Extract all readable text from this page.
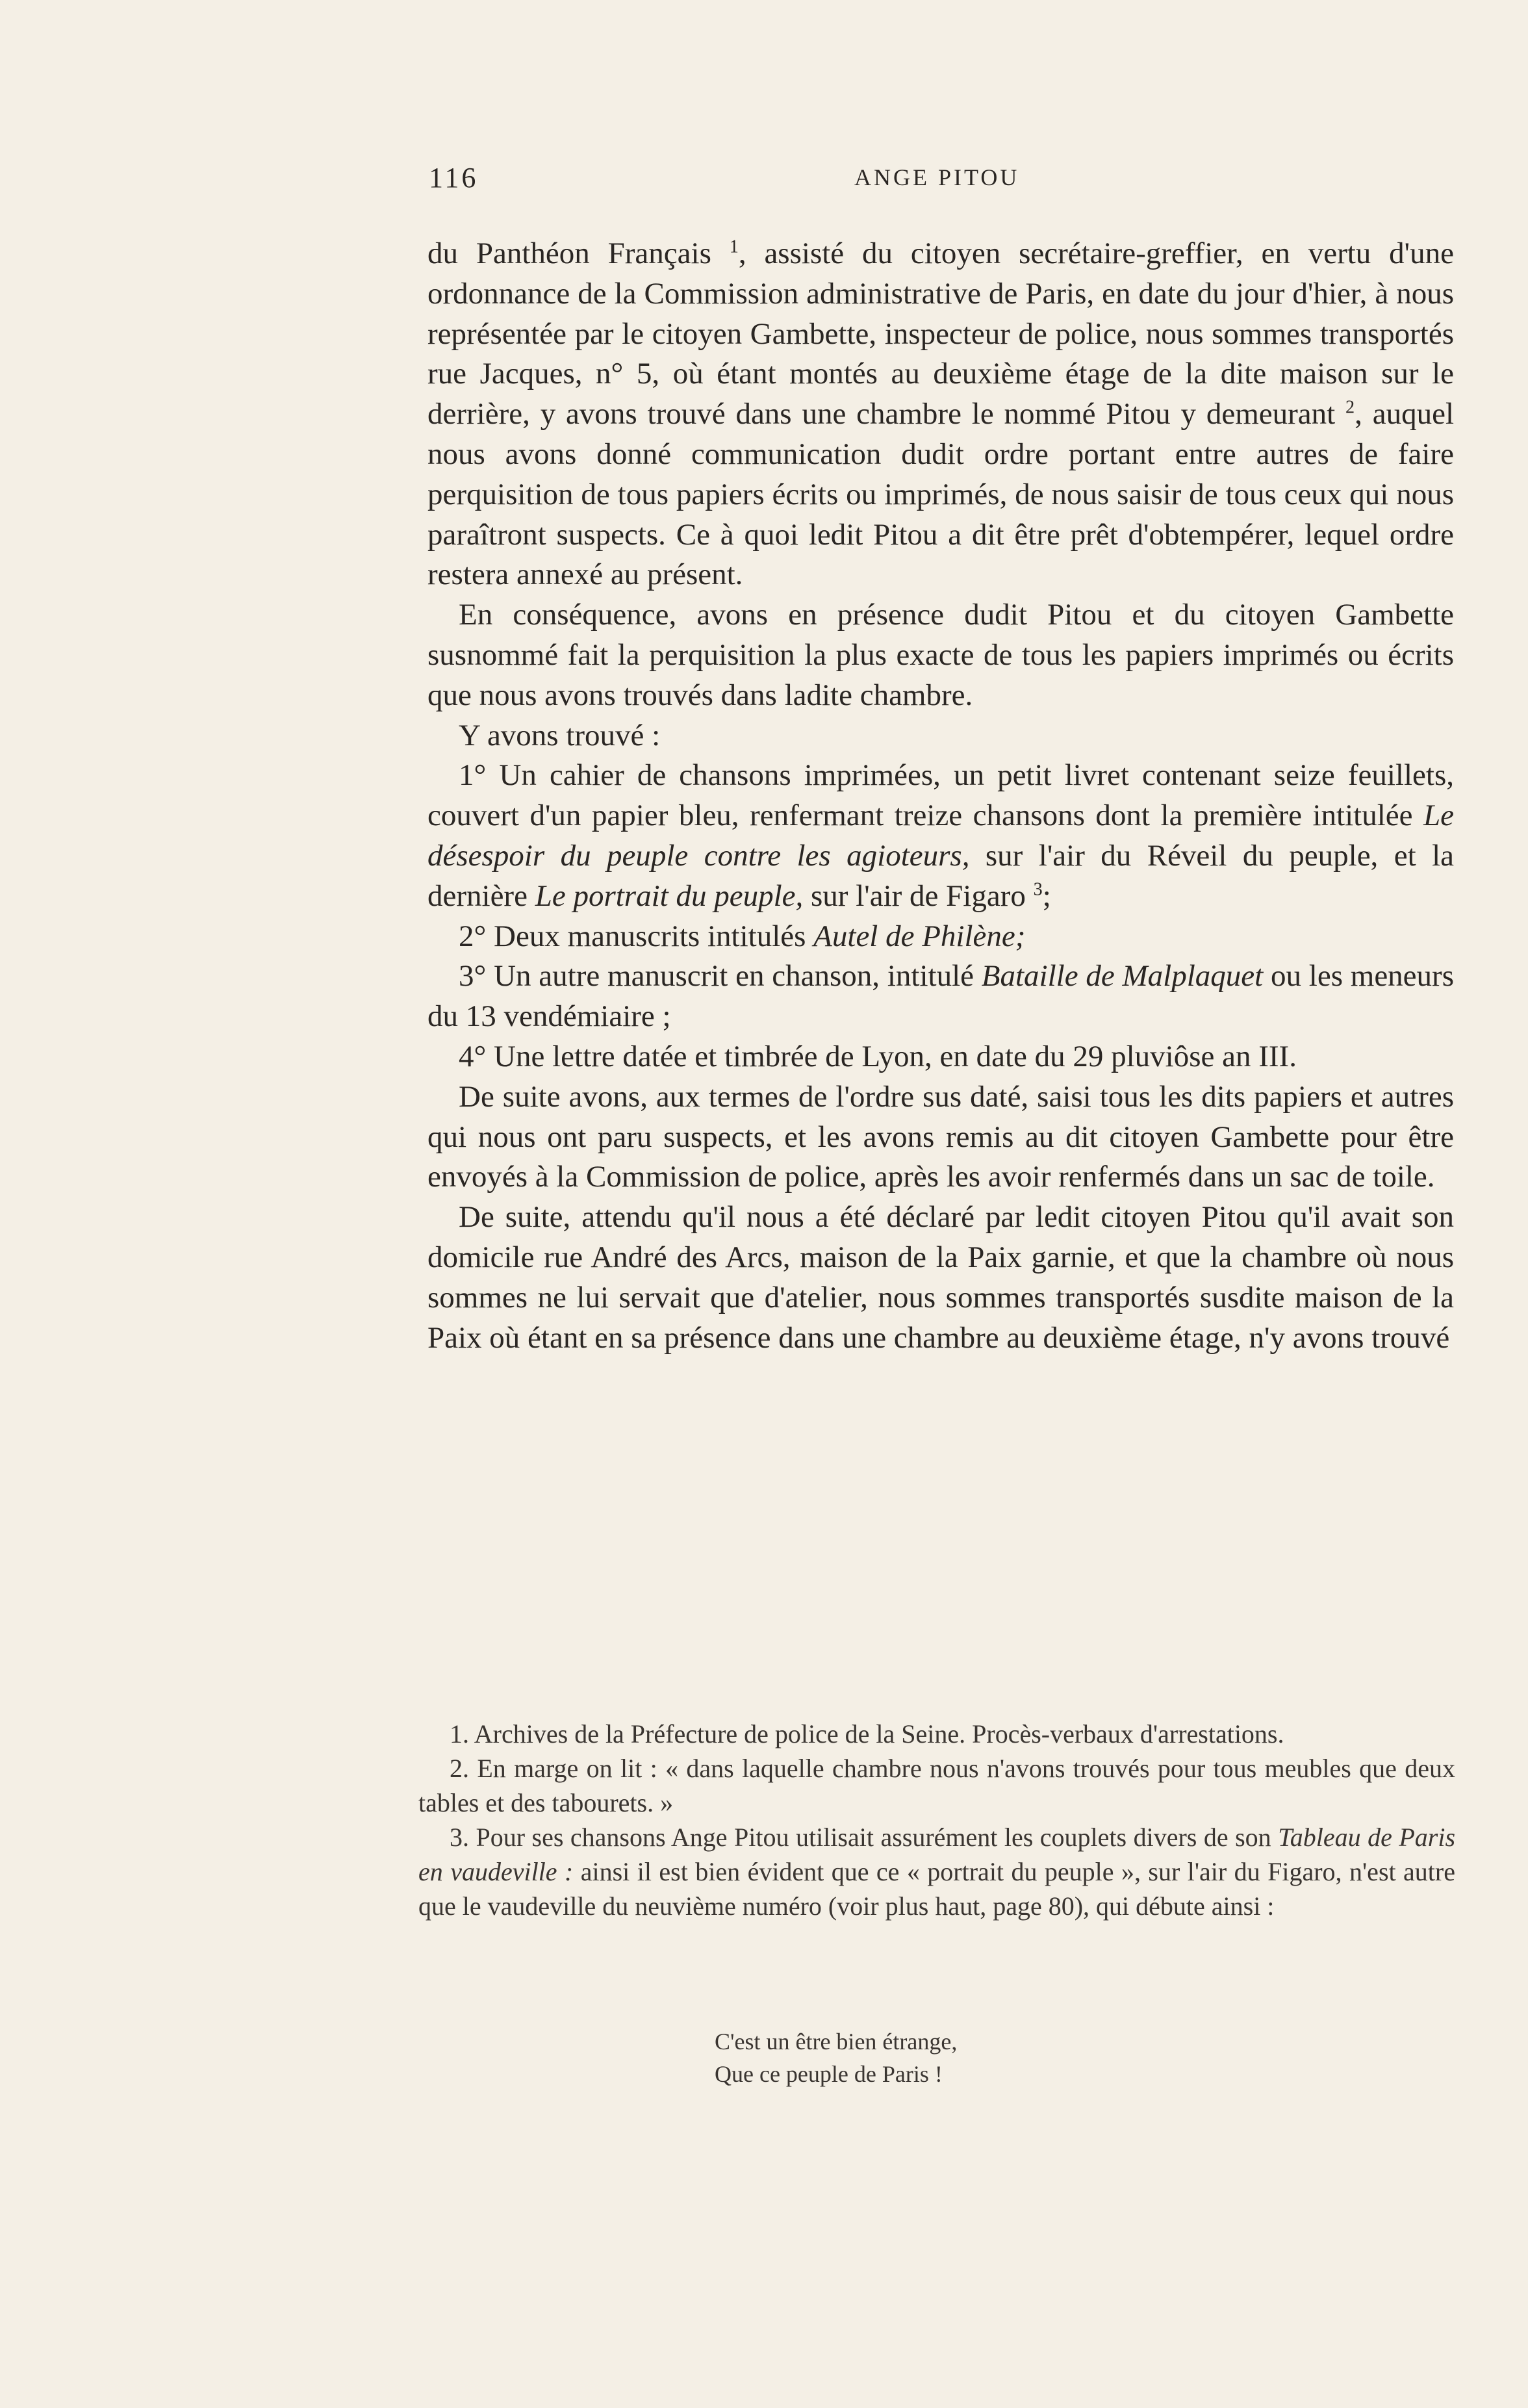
116	ANGE PITOU

du Panthéon Français $^1$, assisté du citoyen secrétaire-greffier, en vertu d'une ordonnance de la Commission administrative de Paris, en date du jour d'hier, à nous représentée par le citoyen Gambette, inspecteur de police, nous sommes transportés rue Jacques, n° 5, où étant montés au deuxième étage de la dite maison sur le derrière, y avons trouvé dans une chambre le nommé Pitou y demeurant $^2$, auquel nous avons donné communication dudit ordre portant entre autres de faire perquisition de tous papiers écrits ou imprimés, de nous saisir de tous ceux qui nous paraîtront suspects. Ce à quoi ledit Pitou a dit être prêt d'obtempérer, lequel ordre restera annexé au présent.

En conséquence, avons en présence dudit Pitou et du citoyen Gambette susnommé fait la perquisition la plus exacte de tous les papiers imprimés ou écrits que nous avons trouvés dans ladite chambre.

Y avons trouvé :

1° Un cahier de chansons imprimées, un petit livret contenant seize feuillets, couvert d'un papier bleu, renfermant treize chansons dont la première intitulée Le désespoir du peuple contre les agioteurs, sur l'air du Réveil du peuple, et la dernière Le portrait du peuple, sur l'air de Figaro $^3$;

2° Deux manuscrits intitulés Autel de Philène;

3° Un autre manuscrit en chanson, intitulé Bataille de Malplaquet ou les meneurs du 13 vendémiaire ;

4° Une lettre datée et timbrée de Lyon, en date du 29 pluviôse an III.

De suite avons, aux termes de l'ordre sus daté, saisi tous les dits papiers et autres qui nous ont paru suspects, et les avons remis au dit citoyen Gambette pour être envoyés à la Commission de police, après les avoir renfermés dans un sac de toile.

De suite, attendu qu'il nous a été déclaré par ledit citoyen Pitou qu'il avait son domicile rue André des Arcs, maison de la Paix garnie, et que la chambre où nous sommes ne lui servait que d'atelier, nous sommes transportés susdite maison de la Paix où étant en sa présence dans une chambre au deuxième étage, n'y avons trouvé

1. Archives de la Préfecture de police de la Seine. Procès-verbaux d'arrestations.

2. En marge on lit : « dans laquelle chambre nous n'avons trouvés pour tous meubles que deux tables et des tabourets. »

3. Pour ses chansons Ange Pitou utilisait assurément les couplets divers de son Tableau de Paris en vaudeville : ainsi il est bien évident que ce « portrait du peuple », sur l'air du Figaro, n'est autre que le vaudeville du neuvième numéro (voir plus haut, page 80), qui débute ainsi :

C'est un être bien étrange,
Que ce peuple de Paris !
